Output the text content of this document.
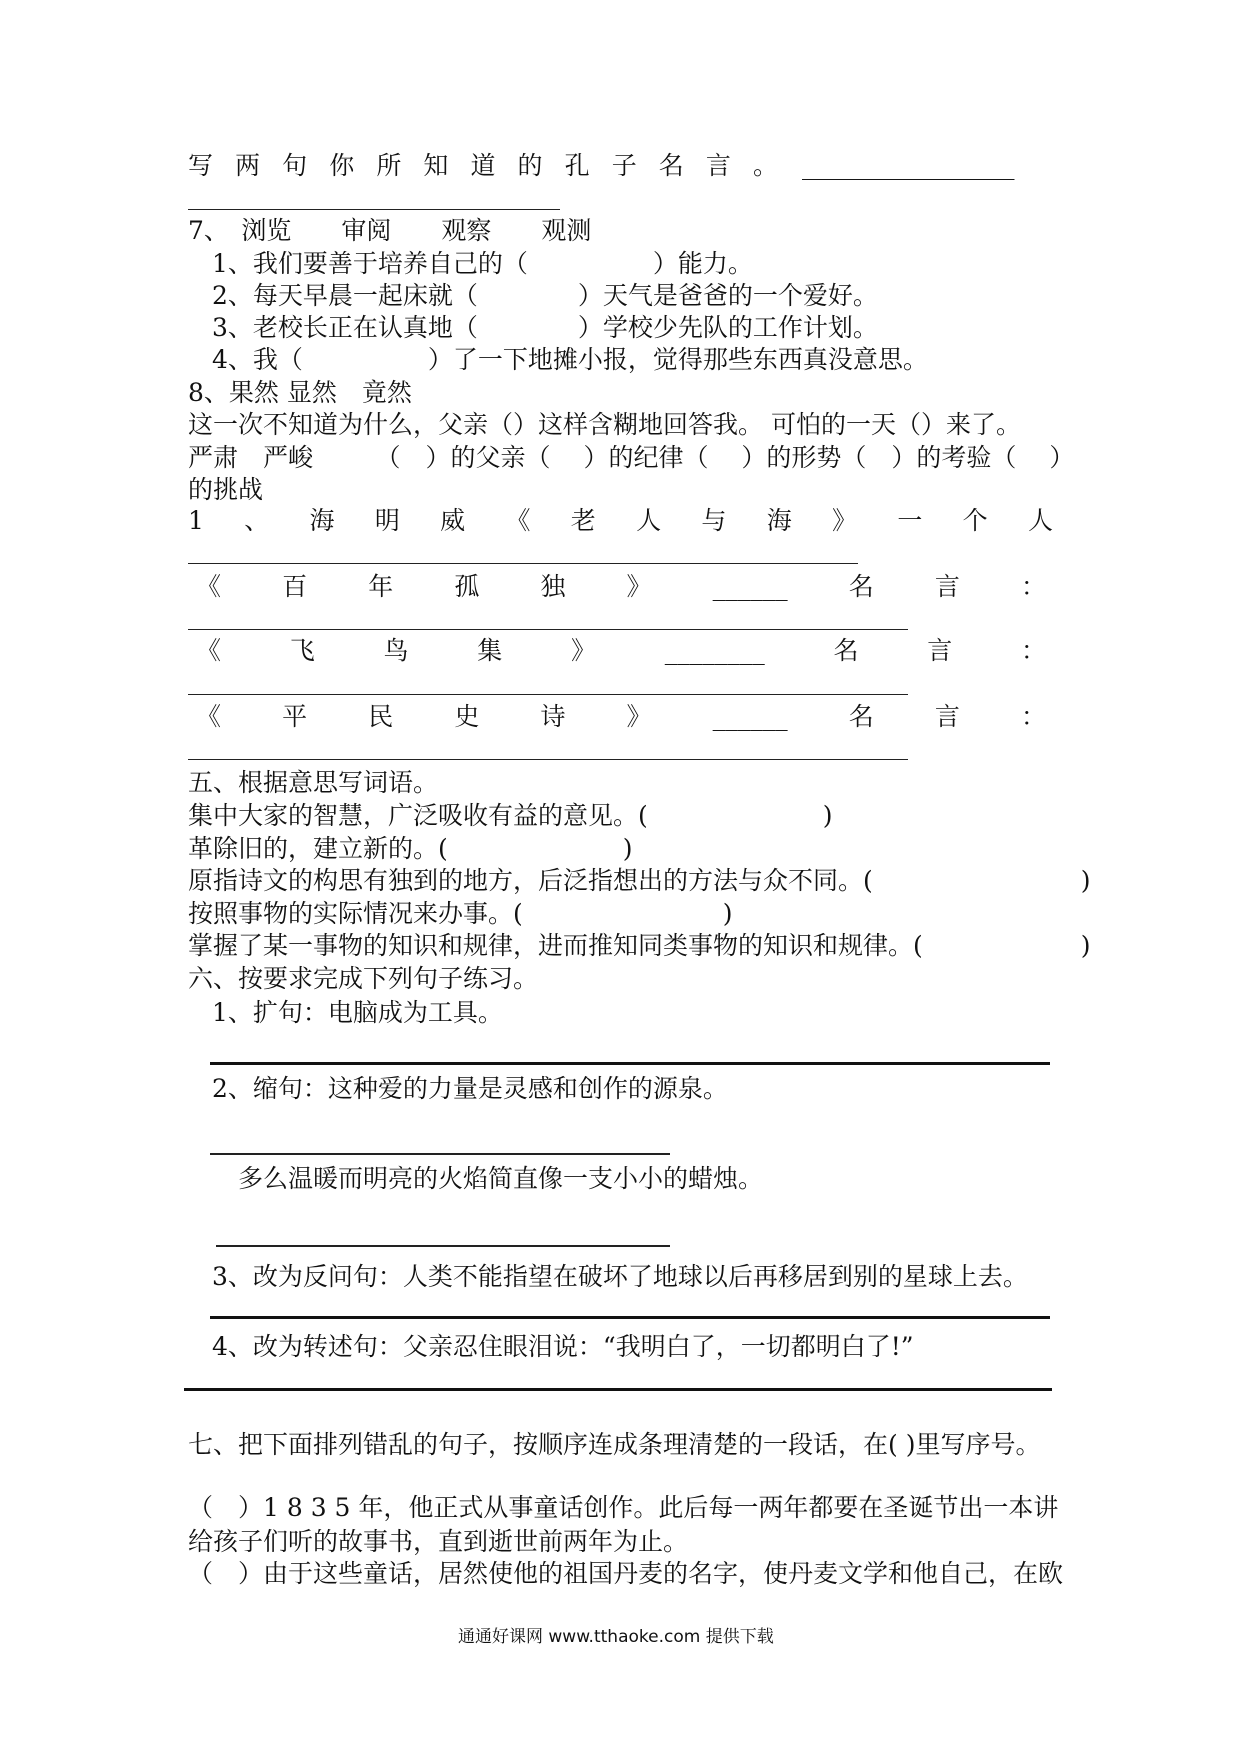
写 两 句 你 所 知 道 的 孔 子 名 言 。 _________________
7、　浏览　　审阅　　观察　　观测
1、我们要善于培养自己的（　　　　　）能力。
2、每天早晨一起床就（　　　　）天气是爸爸的一个爱好。
3、老校长正在认真地（　　　　）学校少先队的工作计划。
4、我（　　　　　）了一下地摊小报，觉得那些东西真没意思。
8、果然 显然　竟然
这一次不知道为什么，父亲（）这样含糊地回答我。 可怕的一天（）来了。
严肃　严峻　　　（　）的父亲（　 ）的纪律（　 ）的形势（　）的考验（　 ）
的挑战
1 、 海 明 威 《 老 人 与 海 》 一 个 人
《 百 年 孤 独 》 ______ 名 言 ：
《	飞	鸟	集	》	________	名	言	：
《 平 民 史 诗 》 ______ 名 言 ：
五、根据意思写词语。
集中大家的智慧，广泛吸收有益的意见。(　　　　　　　)
革除旧的，建立新的。(　　　　　　　)
原指诗文的构思有独到的地方，后泛指想出的方法与众不同。(　　　　　　　　 )
按照事物的实际情况来办事。(　　　　　　　　)
掌握了某一事物的知识和规律，进而推知同类事物的知识和规律。(　　　　　　 )
六、按要求完成下列句子练习。
1、扩句：电脑成为工具。
2、缩句：这种爱的力量是灵感和创作的源泉。
多么温暖而明亮的火焰简直像一支小小的蜡烛。
3、改为反问句：人类不能指望在破坏了地球以后再移居到别的星球上去。
4、改为转述句：父亲忍住眼泪说：“我明白了，一切都明白了!”
七、把下面排列错乱的句子，按顺序连成条理清楚的一段话，在( )里写序号。
（　）1 8 3 5 年，他正式从事童话创作。此后每一两年都要在圣诞节出一本讲
给孩子们听的故事书，直到逝世前两年为止。
（　）由于这些童话，居然使他的祖国丹麦的名字，使丹麦文学和他自己，在欧
通通好课网 www.tthaoke.com 提供下载
